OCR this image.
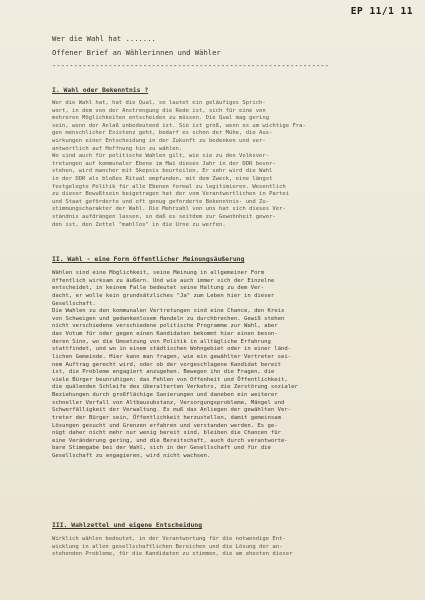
EP 11/1 11
Wer die Wahl hat .......
Offener Brief an Wählerinnen und Wähler
----------------------------------------------------------------
I. Wahl oder Bekenntnis ?
Wer die Wahl hat, hat die Qual, so lautet ein geläufiges Sprich-
wort, in dem von der Anstrengung die Rede ist, sich für eine von
mehreren Möglichkeiten entscheiden zu müssen. Die Qual mag gering
sein, wenn der Anlaß unbedeutend ist. Sie ist groß, wenn es um wichtige Fra-
gen menschlicher Existenz geht, bedarf es schon der Mühe, die Aus-
wirkungen einer Entscheidung in der Zukunft zu bedenken und ver-
antwortlich auf Hoffnung hin zu wählen.
Wo sind auch für politische Wahlen gilt, wie sie zu den Volksver-
tretungen auf kommunaler Ebene im Mai dieses Jahr in der DDR bevor-
stehen, wird mancher mit Skepsis beurteilen. Er sehr wird die Wahl
in der DDR als bloßes Ritual empfunden, mit dem Zweck, eine längst
festgelegte Politik für alle Ebenen formal zu legitimieren. Wesentlich
zu dieser Bewußtsein beigetragen hat der vom Verantwortlichen in Partei
und Staat geförderte und oft genug geforderte Bekenntnis- und Zu-
stimmungscharakter der Wahl. Die Mehrzahl von uns hat sich dieses Ver-
ständnis aufdrängen lassen, so daß es seitdem zur Gewohnheit gewor-
den ist, den Zettel "mahllos" in die Urne zu werfen.
II. Wahl - eine Form öffentlicher Meinungsäußerung
Wählen sind eine Möglichkeit, seine Meinung in allgemeiner Form
öffentlich wirksam zu äußern. Und wie auch immer sich der Einzelne
entscheidet, in keinem Falle bedeutet seine Haltung zu dem Ver-
dacht, er wolle kein grundsätzliches "Ja" zum Leben hier in dieser
Gesellschaft.
Die Wahlen zu den kommunalen Vertretungen sind eine Chance, den Kreis
von Schweigen und gedankenlosem Handeln zu durchbrechen. Gewiß stehen
nicht verschiedene verschiedene politische Programme zur Wahl, aber
das Votum für oder gegen einen Kandidaten bekommt hier einen beson-
deren Sinn, wo die Umsetzung von Politik in alltägliche Erfahrung
stattfindet, und wo in einem städtischen Wohngebiet oder in einer länd-
lichen Gemeinde. Hier kann man fragen, wie ein gewählter Vertreter sei-
nem Auftrag gerecht wird, oder ob der vorgeschlagene Kandidat bereit
ist, die Probleme engagiert anzugehen. Bewegen ihn die Fragen, die
viele Bürger beunruhigen: das Fehlen von Offenheit und Öffentlichkeit,
die quälenden Schleife des überalterten Verkehrs, die Zerstörung sozialer
Beziehungen durch großflächige Sanierungen und daneben ein weiterer
schneller Verfall von Altbausubstanz, Versorgungsprobleme, Mängel und
Schwerfälligkeit der Verwaltung. Es muß das Anliegen der gewählten Ver-
treter der Bürger sein, Öffentlichkeit herzustellen, damit gemeinsam
Lösungen gesucht und Grenzen erfahren und verstanden werden. Es ge-
nügt daher nicht mehr nur wenig bereit sind, bleiben die Chancen für
eine Veränderung gering, und die Bereitschaft, auch durch verantworte-
bare Stimmgabe bei der Wahl, sich in der Gesellschaft und für die
Gesellschaft zu engagieren, wird nicht wachsen.
III. Wahlzettel und eigene Entscheidung
Wirklich wählen bedeutet, in der Verantwortung für die notwendige Ent-
wicklung in allen gesellschaftlichen Bereichen und die Lösung der an-
stehenden Probleme, für die Kandidaten zu stimmen, die am ehesten dieser
